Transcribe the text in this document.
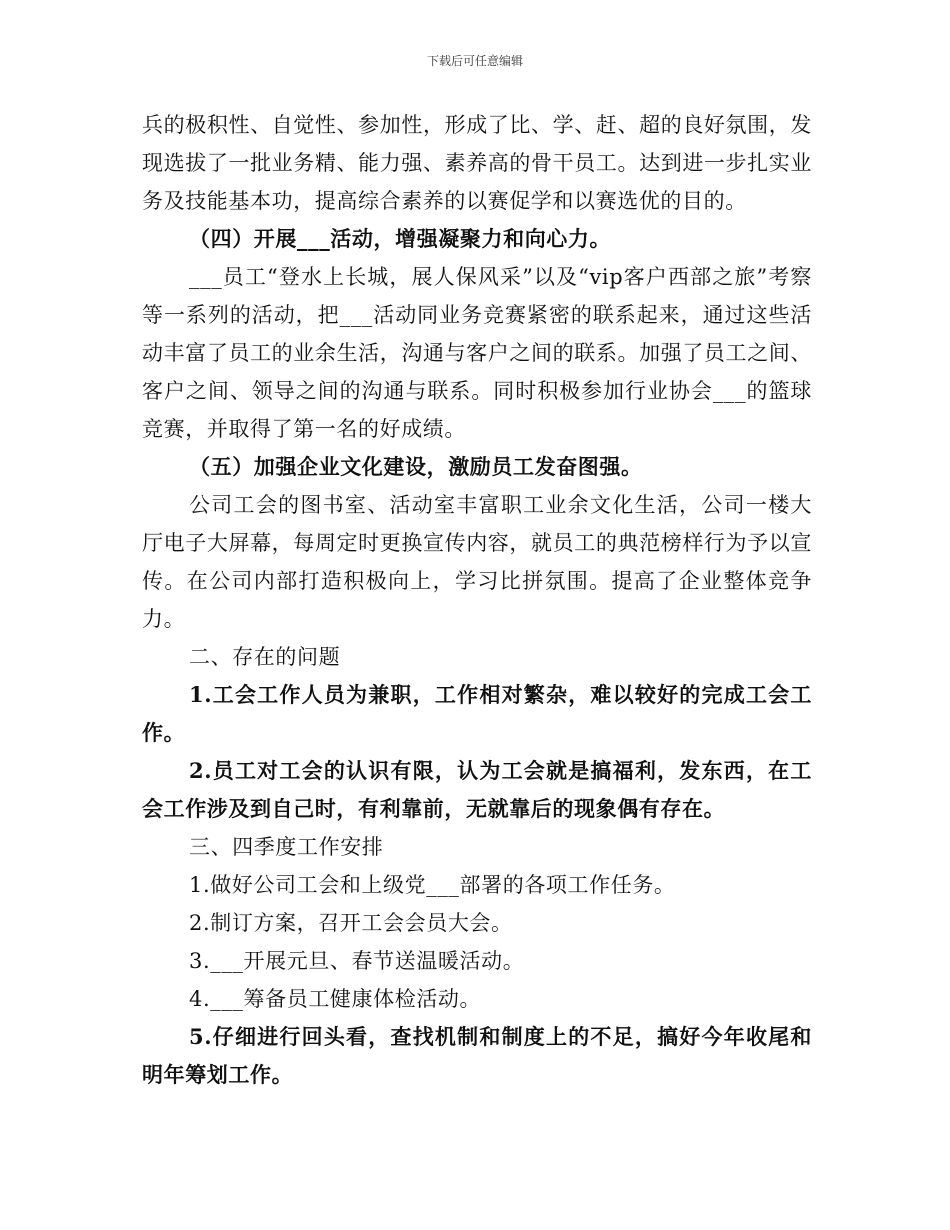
下载后可任意编辑

兵的极积性、自觉性、参加性，形成了比、学、赶、超的良好氛围，发现选拔了一批业务精、能力强、素养高的骨干员工。达到进一步扎实业务及技能基本功，提高综合素养的以赛促学和以赛选优的目的。

（四）开展___活动，增强凝聚力和向心力。

___员工“登水上长城，展人保风采”以及“vip客户西部之旅”考察等一系列的活动，把___活动同业务竞赛紧密的联系起来，通过这些活动丰富了员工的业余生活，沟通与客户之间的联系。加强了员工之间、客户之间、领导之间的沟通与联系。同时积极参加行业协会___的篮球竞赛，并取得了第一名的好成绩。

（五）加强企业文化建设，激励员工发奋图强。

公司工会的图书室、活动室丰富职工业余文化生活，公司一楼大厅电子大屏幕，每周定时更换宣传内容，就员工的典范榜样行为予以宣传。在公司内部打造积极向上，学习比拼氛围。提高了企业整体竞争力。

二、存在的问题

1.工会工作人员为兼职，工作相对繁杂，难以较好的完成工会工作。

2.员工对工会的认识有限，认为工会就是搞福利，发东西，在工会工作涉及到自己时，有利靠前，无就靠后的现象偶有存在。

三、四季度工作安排

1.做好公司工会和上级党___部署的各项工作任务。

2.制订方案，召开工会会员大会。

3.___开展元旦、春节送温暖活动。

4.___筹备员工健康体检活动。

5.仔细进行回头看，查找机制和制度上的不足，搞好今年收尾和明年筹划工作。
